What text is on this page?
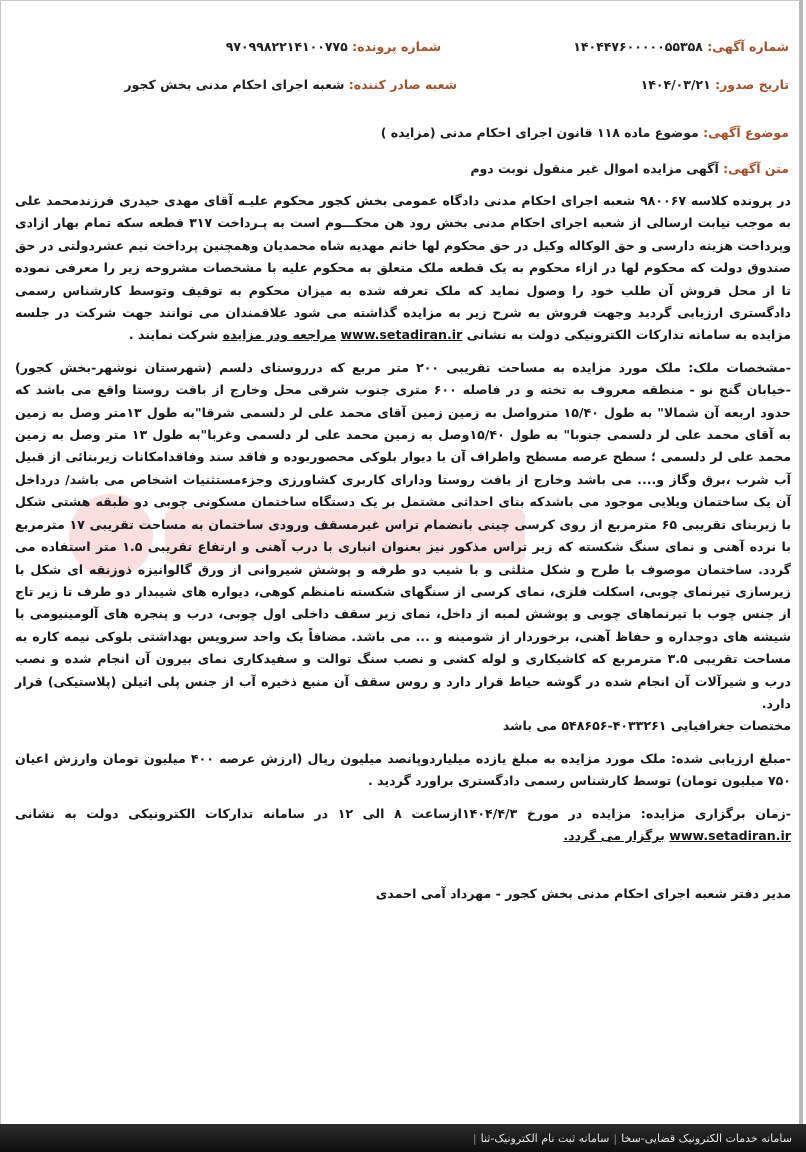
شماره آگهی: ۱۴۰۴۴۷۶۰۰۰۰۰۵۵۳۵۸
شماره پرونده: ۹۷۰۹۹۸۲۲۱۴۱۰۰۷۷۵
تاریخ صدور: ۱۴۰۴/۰۳/۲۱
شعبه صادر کننده: شعبه اجرای احکام مدنی بخش کجور
موضوع آگهی: موضوع ماده ۱۱۸ قانون اجرای احکام مدنی (مزایده )
متن آگهی: آگهی مزایده اموال غیر منقول نوبت دوم

در پرونده کلاسه ۹۸۰۰۶۷ شعبه اجرای احکام مدنی دادگاه عمومی بخش کجور محکوم علیـه آقای مهدی حیدری فرزندمحمد علی به موجب نیابت ارسالی از شعبه اجرای احکام مدنی بخش رود هن محکـــوم است به پـرداخت ۳۱۷ قطعه سکه تمام بهار ازادی وپرداخت هزینه دارسی و حق الوکاله وکیل در حق محکوم لها خانم مهدیه شاه محمدیان وهمچنین پرداخت نیم عشردولتی در حق صندوق دولت که محکوم لها در ازاء محکوم به یک قطعه ملک متعلق به محکوم علیه با مشخصات مشروحه زیر را معرفی نموده تا از محل فروش آن طلب خود را وصول نماید که ملک تعرفه شده به میزان محکوم به توقیف وتوسط کارشناس رسمی دادگستری ارزیابی گردید وجهت فروش به شرح زیر به مزایده گذاشته می شود علاقمندان می توانند جهت شرکت در جلسه مزایده به سامانه تدارکات الکترونیکی دولت به نشانی www.setadiran.ir مراجعه ودر مزایده شرکت نمایند .

-مشخصات ملک: ملک مورد مزایده به مساحت تقریبی ۲۰۰ متر مربع که درروستای دلسم (شهرستان نوشهر-بخش کجور) -خیابان گنج نو - منطقه معروف به تخته و در فاصله ۶۰۰ متری جنوب شرقی محل وخارج از بافت روستا واقع می باشد که حدود اربعه آن شمالا" به طول ۱۵/۴۰ مترواصل به زمین زمین آقای محمد علی لر دلسمی شرقا"به طول ۱۳متر وصل به زمین به آقای محمد علی لر دلسمی جنوبا" به طول ۱۵/۴۰وصل به زمین محمد علی لر دلسمی وغربا"به طول ۱۳ متر وصل به زمین محمد علی لر دلسمی ؛ سطح عرصه مسطح واطراف آن با دیوار بلوکی محصوربوده و فاقد سند وفاقدامکانات زیربنائی از قبیل آب شرب ،برق وگاز و.... می باشد وخارج از بافت روستا ودارای کاربری کشاورزی وجزءمستثنیات اشخاص می باشد/ درداخل آن یک ساختمان ویلایی موجود می باشدکه بنای احداثی مشتمل بر یک دستگاه ساختمان مسکونی چوبی دو طبقه هشتی شکل با زیربنای تقریبی ۶۵ مترمربع از روی کرسی چینی بانضمام تراس غیرمسقف ورودی ساختمان به مساحت تقریبی ۱۷ مترمربع با نرده آهنی و نمای سنگ شکسته که زیر تراس مذکور نیز بعنوان انباری با درب آهنی و ارتفاع تقریبی ۱.۵ متر استفاده می گردد. ساختمان موصوف با طرح و شکل مثلثی و با شیب دو طرفه و پوشش شیروانی از ورق گالوانیزه ذوزنقه ای شکل با زیرسازی تیرنمای چوبی، اسکلت فلزی، نمای کرسی از سنگهای شکسته نامنظم کوهی، دیواره های شیبدار دو طرف تا زیر تاج از جنس چوب با تیرنماهای چوبی و پوشش لمبه از داخل، نمای زیر سقف داخلی اول چوبی، درب و پنجره های آلومینیومی با شیشه های دوجداره و حفاظ آهنی، برخوردار از شومینه و ... می باشد. مضافاً یک واحد سرویس بهداشتی بلوکی نیمه کاره به مساحت تقریبی ۳.۵ مترمربع که کاشیکاری و لوله کشی و نصب سنگ توالت و سفیدکاری نمای بیرون آن انجام شده و نصب درب و شیرآلات آن انجام شده در گوشه حیاط قرار دارد و روس سقف آن منبع ذخیره آب از جنس پلی اتیلن (پلاستیکی) قرار دارد.

مختصات جغرافیایی ۴۰۳۳۲۶۱-۵۴۸۶۵۶ می باشد

-مبلغ ارزیابی شده: ملک مورد مزایده به مبلغ یازده میلیاردوپانصد میلیون ریال (ارزش عرصه ۴۰۰ میلیون تومان وارزش اعیان ۷۵۰ میلیون تومان) توسط کارشناس رسمی دادگستری براورد گردید .

-زمان برگزاری مزایده: مزایده در مورخ ۱۴۰۴/۴/۳ازساعت ۸ الی ۱۲ در سامانه تدارکات الکترونیکی دولت به نشانی www.setadiran.ir برگزار می گردد.

مدیر دفتر شعبه اجرای احکام مدنی بخش کجور - مهرداد آمی احمدی

سامانه خدمات الکترونیک قضایی-سخا
|
سامانه ثبت نام الکترونیک-ثنا
|
